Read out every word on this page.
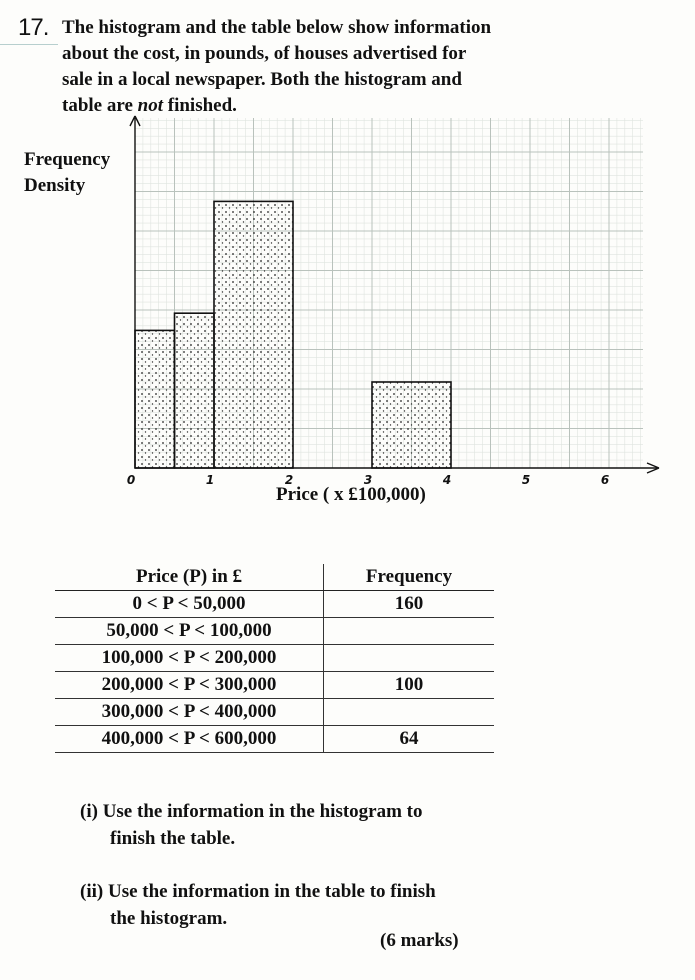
17. The histogram and the table below show information
about the cost, in pounds, of houses advertised for
sale in a local newspaper. Both the histogram and
table are not finished.
Frequency
Density
0	1	2	3	4	5	6
Price ( x £100,000)
Price (P) in £	Frequency
0 < P < 50,000	160
50,000 < P < 100,000	
100,000 < P < 200,000	
200,000 < P < 300,000	100
300,000 < P < 400,000	
400,000 < P < 600,000	64
(i) Use the information in the histogram to
finish the table.
(ii) Use the information in the table to finish
the histogram.
(6 marks)
